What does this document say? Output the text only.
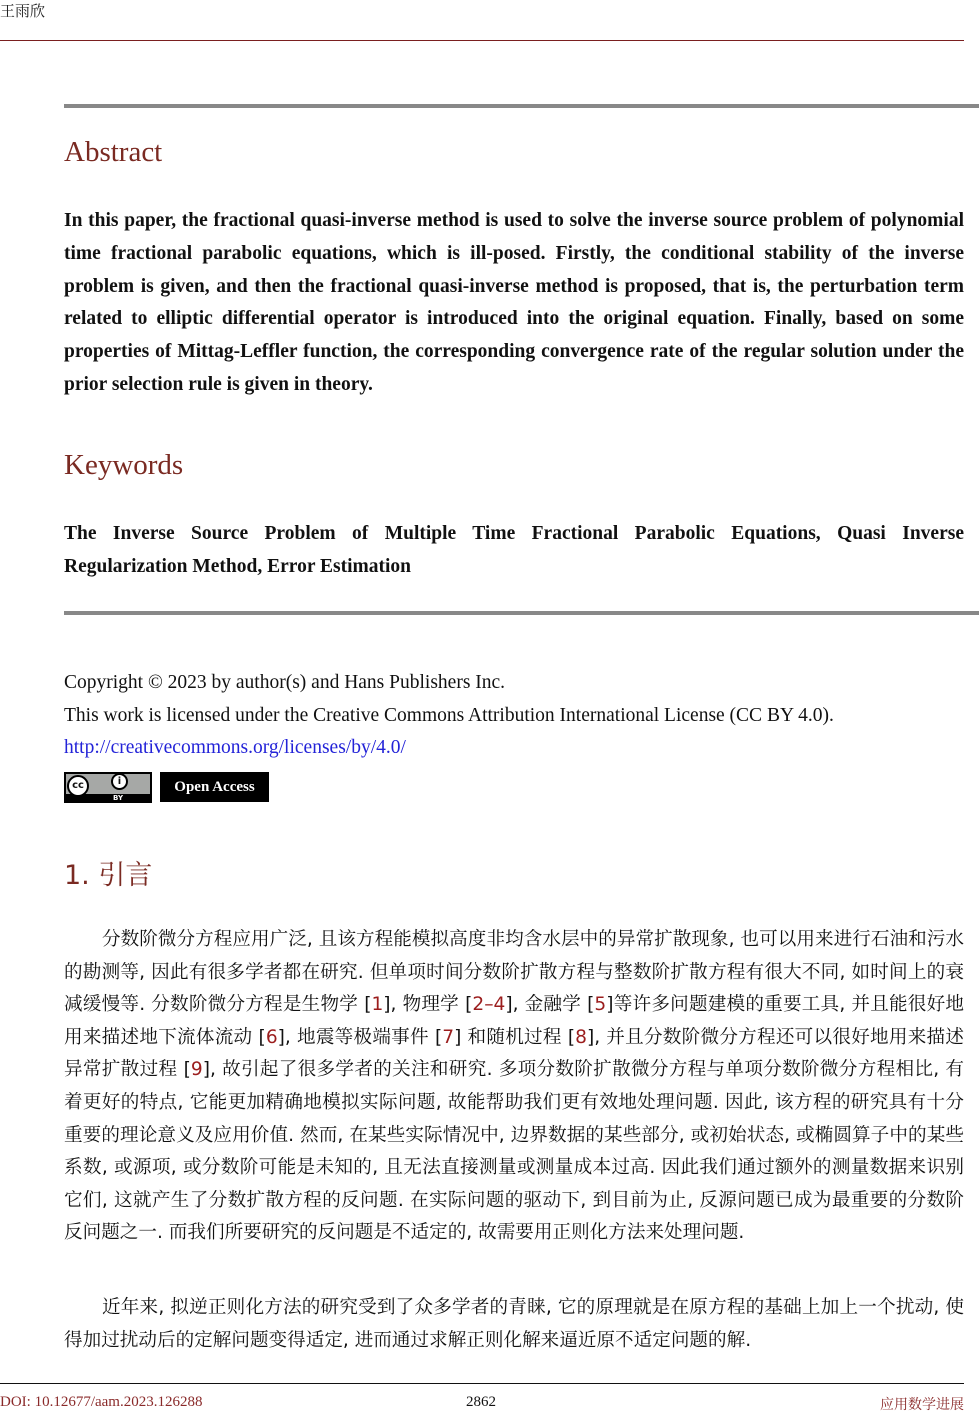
王雨欣
Abstract

In this paper, the fractional quasi-inverse method is used to solve the inverse source problem of polynomial time fractional parabolic equations, which is ill-posed. Firstly, the conditional stability of the inverse problem is given, and then the fractional quasi-inverse method is proposed, that is, the perturbation term related to elliptic differential operator is introduced into the original equation. Finally, based on some properties of Mittag-Leffler function, the corresponding convergence rate of the regular solution under the prior selection rule is given in theory.

Keywords

The Inverse Source Problem of Multiple Time Fractional Parabolic Equations, Quasi Inverse Regularization Method, Error Estimation

Copyright © 2023 by author(s) and Hans Publishers Inc.
This work is licensed under the Creative Commons Attribution International License (CC BY 4.0).
http://creativecommons.org/licenses/by/4.0/
cc	i
BY
Open Access
1. 引言

分数阶微分方程应用广泛, 且该方程能模拟高度非均含水层中的异常扩散现象, 也可以用来进行石油和污水的勘测等, 因此有很多学者都在研究. 但单项时间分数阶扩散方程与整数阶扩散方程有很大不同, 如时间上的衰减缓慢等. 分数阶微分方程是生物学 [1], 物理学 [2–4], 金融学 [5]等许多问题建模的重要工具, 并且能很好地用来描述地下流体流动 [6], 地震等极端事件 [7] 和随机过程 [8], 并且分数阶微分方程还可以很好地用来描述异常扩散过程 [9], 故引起了很多学者的关注和研究. 多项分数阶扩散微分方程与单项分数阶微分方程相比, 有着更好的特点, 它能更加精确地模拟实际问题, 故能帮助我们更有效地处理问题. 因此, 该方程的研究具有十分重要的理论意义及应用价值. 然而, 在某些实际情况中, 边界数据的某些部分, 或初始状态, 或椭圆算子中的某些系数, 或源项, 或分数阶可能是未知的, 且无法直接测量或测量成本过高. 因此我们通过额外的测量数据来识别它们, 这就产生了分数扩散方程的反问题. 在实际问题的驱动下, 到目前为止, 反源问题已成为最重要的分数阶反问题之一. 而我们所要研究的反问题是不适定的, 故需要用正则化方法来处理问题.

近年来, 拟逆正则化方法的研究受到了众多学者的青睐, 它的原理就是在原方程的基础上加上一个扰动, 使得加过扰动后的定解问题变得适定, 进而通过求解正则化解来逼近原不适定问题的解.

DOI: 10.12677/aam.2023.126288	2862	应用数学进展
